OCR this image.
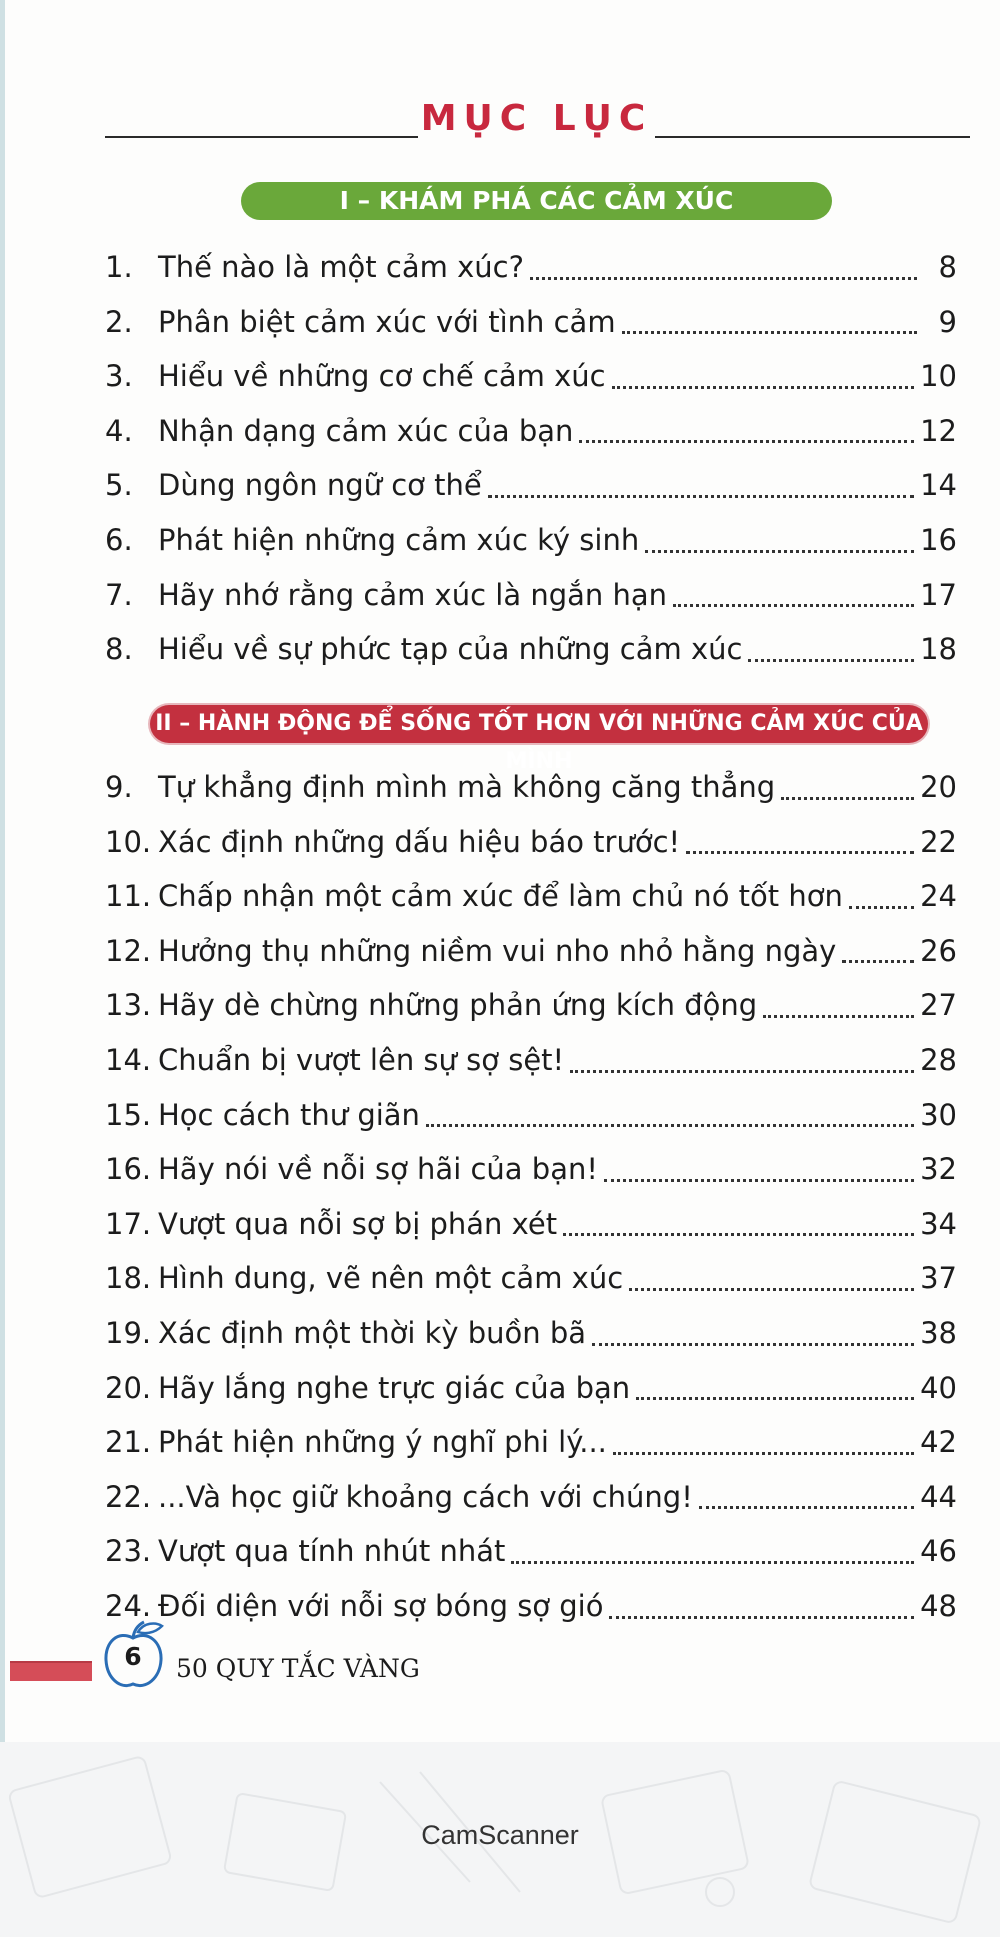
MỤC LỤC
I – KHÁM PHÁ CÁC CẢM XÚC
1. Thế nào là một cảm xúc?	8
2. Phân biệt cảm xúc với tình cảm	9
3. Hiểu về những cơ chế cảm xúc	10
4. Nhận dạng cảm xúc của bạn	12
5. Dùng ngôn ngữ cơ thể	14
6. Phát hiện những cảm xúc ký sinh	16
7. Hãy nhớ rằng cảm xúc là ngắn hạn	17
8. Hiểu về sự phức tạp của những cảm xúc	18
II – HÀNH ĐỘNG ĐỂ SỐNG TỐT HƠN VỚI NHỮNG CẢM XÚC CỦA MÌNH
9. Tự khẳng định mình mà không căng thẳng	20
10. Xác định những dấu hiệu báo trước!	22
11. Chấp nhận một cảm xúc để làm chủ nó tốt hơn	24
12. Hưởng thụ những niềm vui nho nhỏ hằng ngày	26
13. Hãy dè chừng những phản ứng kích động	27
14. Chuẩn bị vượt lên sự sợ sệt!	28
15. Học cách thư giãn	30
16. Hãy nói về nỗi sợ hãi của bạn!	32
17. Vượt qua nỗi sợ bị phán xét	34
18. Hình dung, vẽ nên một cảm xúc	37
19. Xác định một thời kỳ buồn bã	38
20. Hãy lắng nghe trực giác của bạn	40
21. Phát hiện những ý nghĩ phi lý...	42
22. ...Và học giữ khoảng cách với chúng!	44
23. Vượt qua tính nhút nhát	46
24. Đối diện với nỗi sợ bóng sợ gió	48
6	50 QUY TẮC VÀNG
CamScanner
